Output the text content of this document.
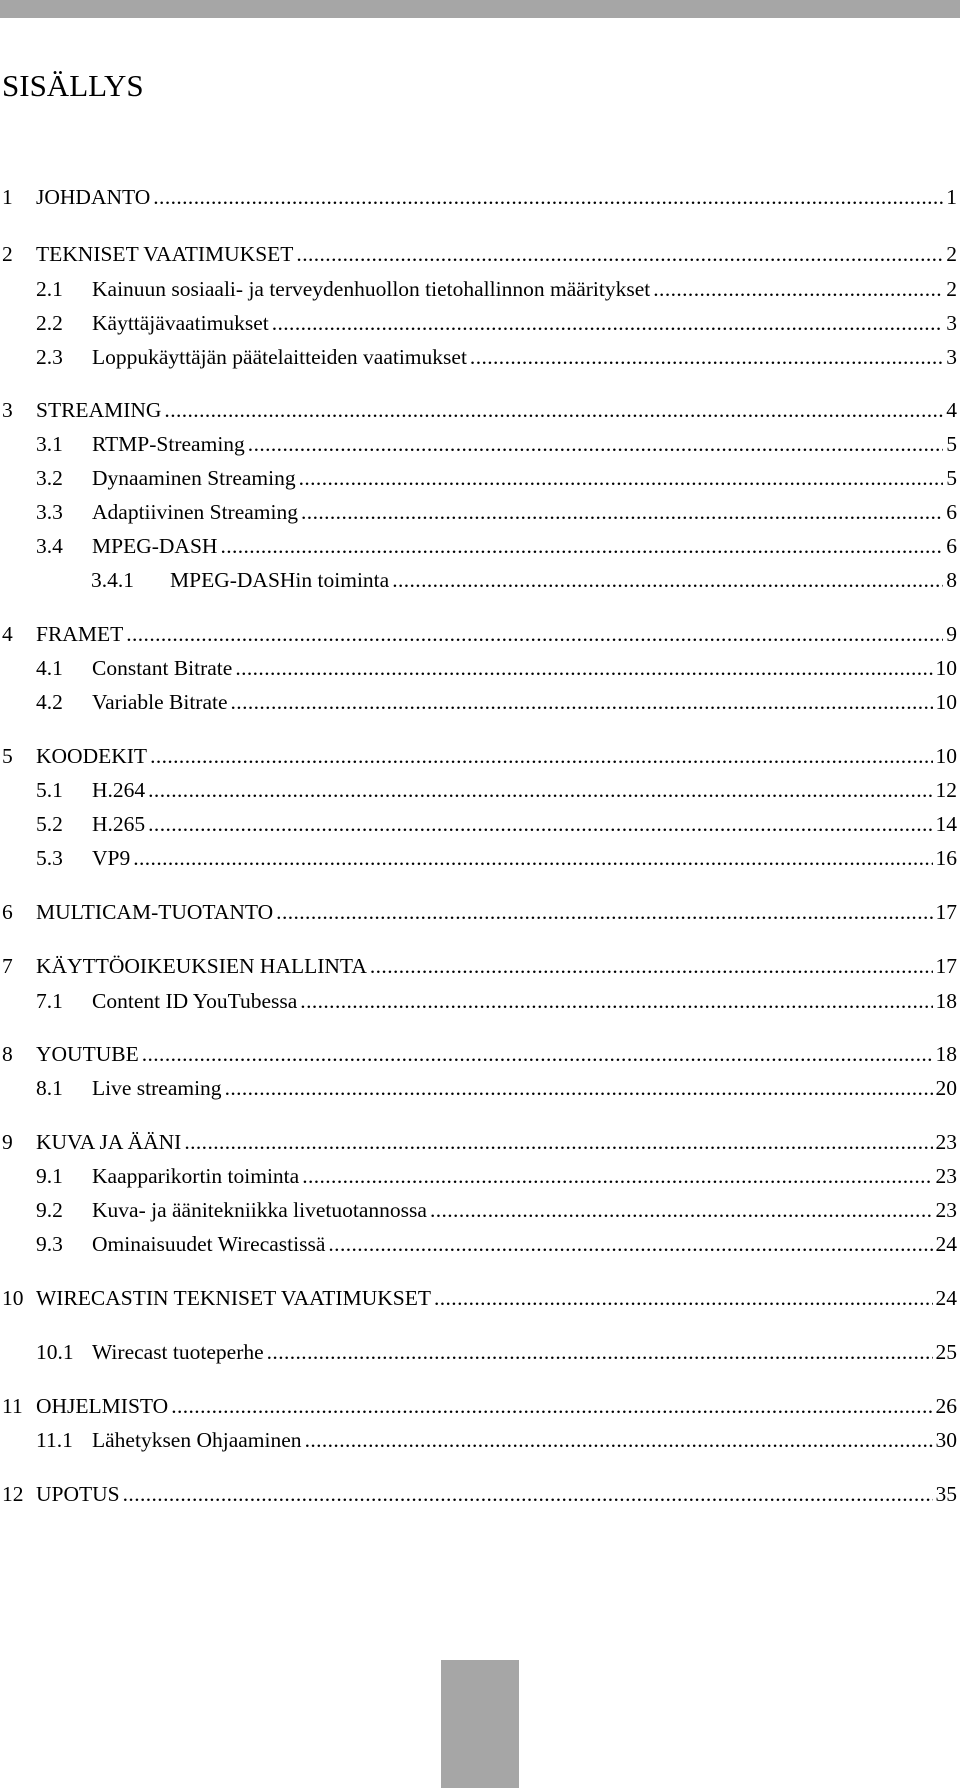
SISÄLLYS
1	JOHDANTO .....	1
2	TEKNISET VAATIMUKSET .....	2
2.1	Kainuun sosiaali- ja terveydenhuollon tietohallinnon määritykset .....	2
2.2	Käyttäjävaatimukset .....	3
2.3	Loppukäyttäjän päätelaitteiden vaatimukset .....	3
3	STREAMING .....	4
3.1	RTMP-Streaming .....	5
3.2	Dynaaminen Streaming .....	5
3.3	Adaptiivinen Streaming .....	6
3.4	MPEG-DASH .....	6
3.4.1	MPEG-DASHin toiminta .....	8
4	FRAMET .....	9
4.1	Constant Bitrate .....	10
4.2	Variable Bitrate .....	10
5	KOODEKIT .....	10
5.1	H.264 .....	12
5.2	H.265 .....	14
5.3	VP9 .....	16
6	MULTICAM-TUOTANTO .....	17
7	KÄYTTÖOIKEUKSIEN HALLINTA .....	17
7.1	Content ID YouTubessa .....	18
8	YOUTUBE .....	18
8.1	Live streaming .....	20
9	KUVA JA ÄÄNI .....	23
9.1	Kaapparikortin toiminta .....	23
9.2	Kuva- ja äänitekniikka livetuotannossa .....	23
9.3	Ominaisuudet Wirecastissä .....	24
10 WIRECASTIN TEKNISET VAATIMUKSET .....	24
10.1 Wirecast tuoteperhe .....	25
11 OHJELMISTO .....	26
11.1 Lähetyksen Ohjaaminen .....	30
12 UPOTUS .....	35
